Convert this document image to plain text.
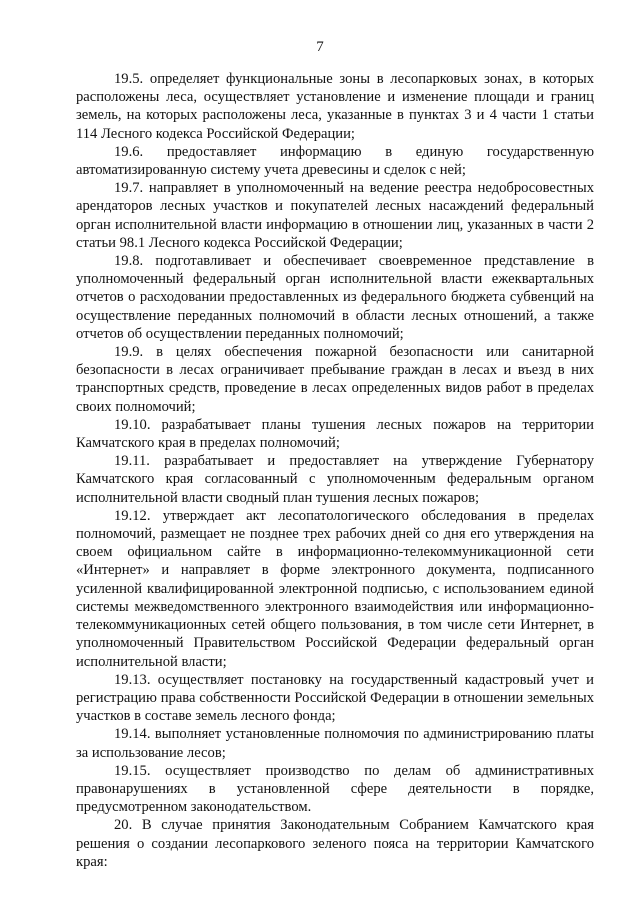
7

19.5. определяет функциональные зоны в лесопарковых зонах, в которых расположены леса, осуществляет установление и изменение площади и границ земель, на которых расположены леса, указанные в пунктах 3 и 4 части 1 статьи 114 Лесного кодекса Российской Федерации;

19.6. предоставляет информацию в единую государственную автоматизированную систему учета древесины и сделок с ней;

19.7. направляет в уполномоченный на ведение реестра недобросовестных арендаторов лесных участков и покупателей лесных насаждений федеральный орган исполнительной власти информацию в отношении лиц, указанных в части 2 статьи 98.1 Лесного кодекса Российской Федерации;

19.8. подготавливает и обеспечивает своевременное представление в уполномоченный федеральный орган исполнительной власти ежеквартальных отчетов о расходовании предоставленных из федерального бюджета субвенций на осуществление переданных полномочий в области лесных отношений, а также отчетов об осуществлении переданных полномочий;

19.9. в целях обеспечения пожарной безопасности или санитарной безопасности в лесах ограничивает пребывание граждан в лесах и въезд в них транспортных средств, проведение в лесах определенных видов работ в пределах своих полномочий;

19.10. разрабатывает планы тушения лесных пожаров на территории Камчатского края в пределах полномочий;

19.11. разрабатывает и предоставляет на утверждение Губернатору Камчатского края согласованный с уполномоченным федеральным органом исполнительной власти сводный план тушения лесных пожаров;

19.12. утверждает акт лесопатологического обследования в пределах полномочий, размещает не позднее трех рабочих дней со дня его утверждения на своем официальном сайте в информационно-телекоммуникационной сети «Интернет» и направляет в форме электронного документа, подписанного усиленной квалифицированной электронной подписью, с использованием единой системы межведомственного электронного взаимодействия или информационно-телекоммуникационных сетей общего пользования, в том числе сети Интернет, в уполномоченный Правительством Российской Федерации федеральный орган исполнительной власти;

19.13. осуществляет постановку на государственный кадастровый учет и регистрацию права собственности Российской Федерации в отношении земельных участков в составе земель лесного фонда;

19.14. выполняет установленные полномочия по администрированию платы за использование лесов;

19.15. осуществляет производство по делам об административных правонарушениях в установленной сфере деятельности в порядке, предусмотренном законодательством.

20. В случае принятия Законодательным Собранием Камчатского края решения о создании лесопаркового зеленого пояса на территории Камчатского края:
